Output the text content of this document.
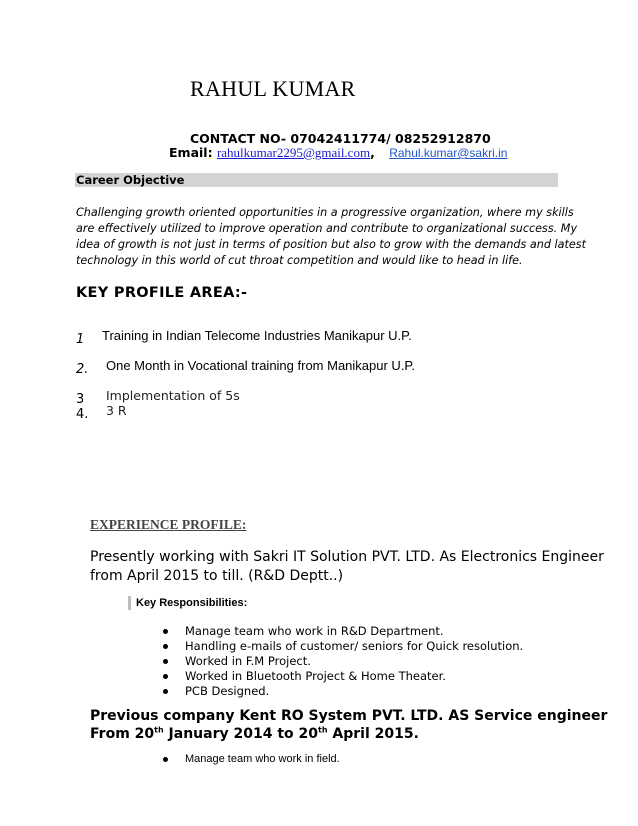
RAHUL KUMAR
CONTACT NO- 07042411774/ 08252912870
Email: rahulkumar2295@gmail.com, Rahul.kumar@sakri.in
Career Objective
Challenging growth oriented opportunities in a progressive organization, where my skills
are effectively utilized to improve operation and contribute to organizational success. My
idea of growth is not just in terms of position but also to grow with the demands and latest
technology in this world of cut throat competition and would like to head in life.
KEY PROFILE AREA:-
1 Training in Indian Telecome Industries Manikapur U.P.
2. One Month in Vocational training from Manikapur U.P.
3 Implementation of 5s
4. 3 R
EXPERIENCE PROFILE:
Presently working with Sakri IT Solution PVT. LTD. As Electronics Engineer
from April 2015 to till. (R&D Deptt..)
Key Responsibilities:
Manage team who work in R&D Department.
Handling e-mails of customer/ seniors for Quick resolution.
Worked in F.M Project.
Worked in Bluetooth Project & Home Theater.
PCB Designed.
Previous company Kent RO System PVT. LTD. AS Service engineer
From 20th January 2014 to 20th April 2015.
Manage team who work in field.
